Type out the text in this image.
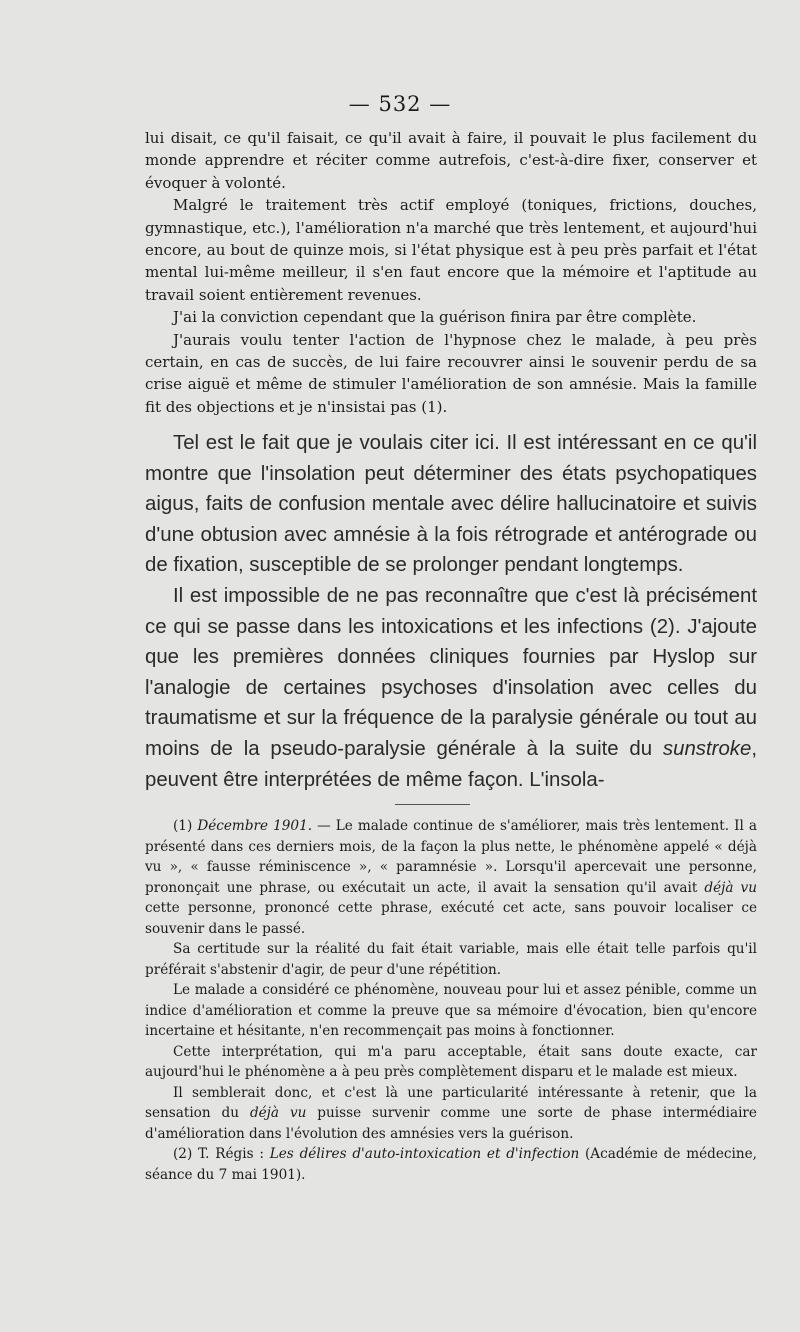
— 532 —

lui disait, ce qu'il faisait, ce qu'il avait à faire, il pouvait le plus facilement du monde apprendre et réciter comme autrefois, c'est-à-dire fixer, conserver et évoquer à volonté.

Malgré le traitement très actif employé (toniques, frictions, douches, gymnastique, etc.), l'amélioration n'a marché que très lentement, et aujourd'hui encore, au bout de quinze mois, si l'état physique est à peu près parfait et l'état mental lui-même meilleur, il s'en faut encore que la mémoire et l'aptitude au travail soient entièrement revenues.

J'ai la conviction cependant que la guérison finira par être complète.

J'aurais voulu tenter l'action de l'hypnose chez le malade, à peu près certain, en cas de succès, de lui faire recouvrer ainsi le souvenir perdu de sa crise aiguë et même de stimuler l'amélioration de son amnésie. Mais la famille fit des objections et je n'insistai pas (1).

Tel est le fait que je voulais citer ici. Il est intéressant en ce qu'il montre que l'insolation peut déterminer des états psychopatiques aigus, faits de confusion mentale avec délire hallucinatoire et suivis d'une obtusion avec amnésie à la fois rétrograde et antérograde ou de fixation, susceptible de se prolonger pendant longtemps.

Il est impossible de ne pas reconnaître que c'est là précisément ce qui se passe dans les intoxications et les infections (2). J'ajoute que les premières données cliniques fournies par Hyslop sur l'analogie de certaines psychoses d'insolation avec celles du traumatisme et sur la fréquence de la paralysie générale ou tout au moins de la pseudo-paralysie générale à la suite du sunstroke, peuvent être interprétées de même façon. L'insola-

(1) Décembre 1901. — Le malade continue de s'améliorer, mais très lentement. Il a présenté dans ces derniers mois, de la façon la plus nette, le phénomène appelé « déjà vu », « fausse réminiscence », « paramnésie ». Lorsqu'il apercevait une personne, prononçait une phrase, ou exécutait un acte, il avait la sensation qu'il avait déjà vu cette personne, prononcé cette phrase, exécuté cet acte, sans pouvoir localiser ce souvenir dans le passé.

Sa certitude sur la réalité du fait était variable, mais elle était telle parfois qu'il préférait s'abstenir d'agir, de peur d'une répétition.

Le malade a considéré ce phénomène, nouveau pour lui et assez pénible, comme un indice d'amélioration et comme la preuve que sa mémoire d'évocation, bien qu'encore incertaine et hésitante, n'en recommençait pas moins à fonctionner.

Cette interprétation, qui m'a paru acceptable, était sans doute exacte, car aujourd'hui le phénomène a à peu près complètement disparu et le malade est mieux.

Il semblerait donc, et c'est là une particularité intéressante à retenir, que la sensation du déjà vu puisse survenir comme une sorte de phase intermédiaire d'amélioration dans l'évolution des amnésies vers la guérison.

(2) T. Régis : Les délires d'auto-intoxication et d'infection (Académie de médecine, séance du 7 mai 1901).
